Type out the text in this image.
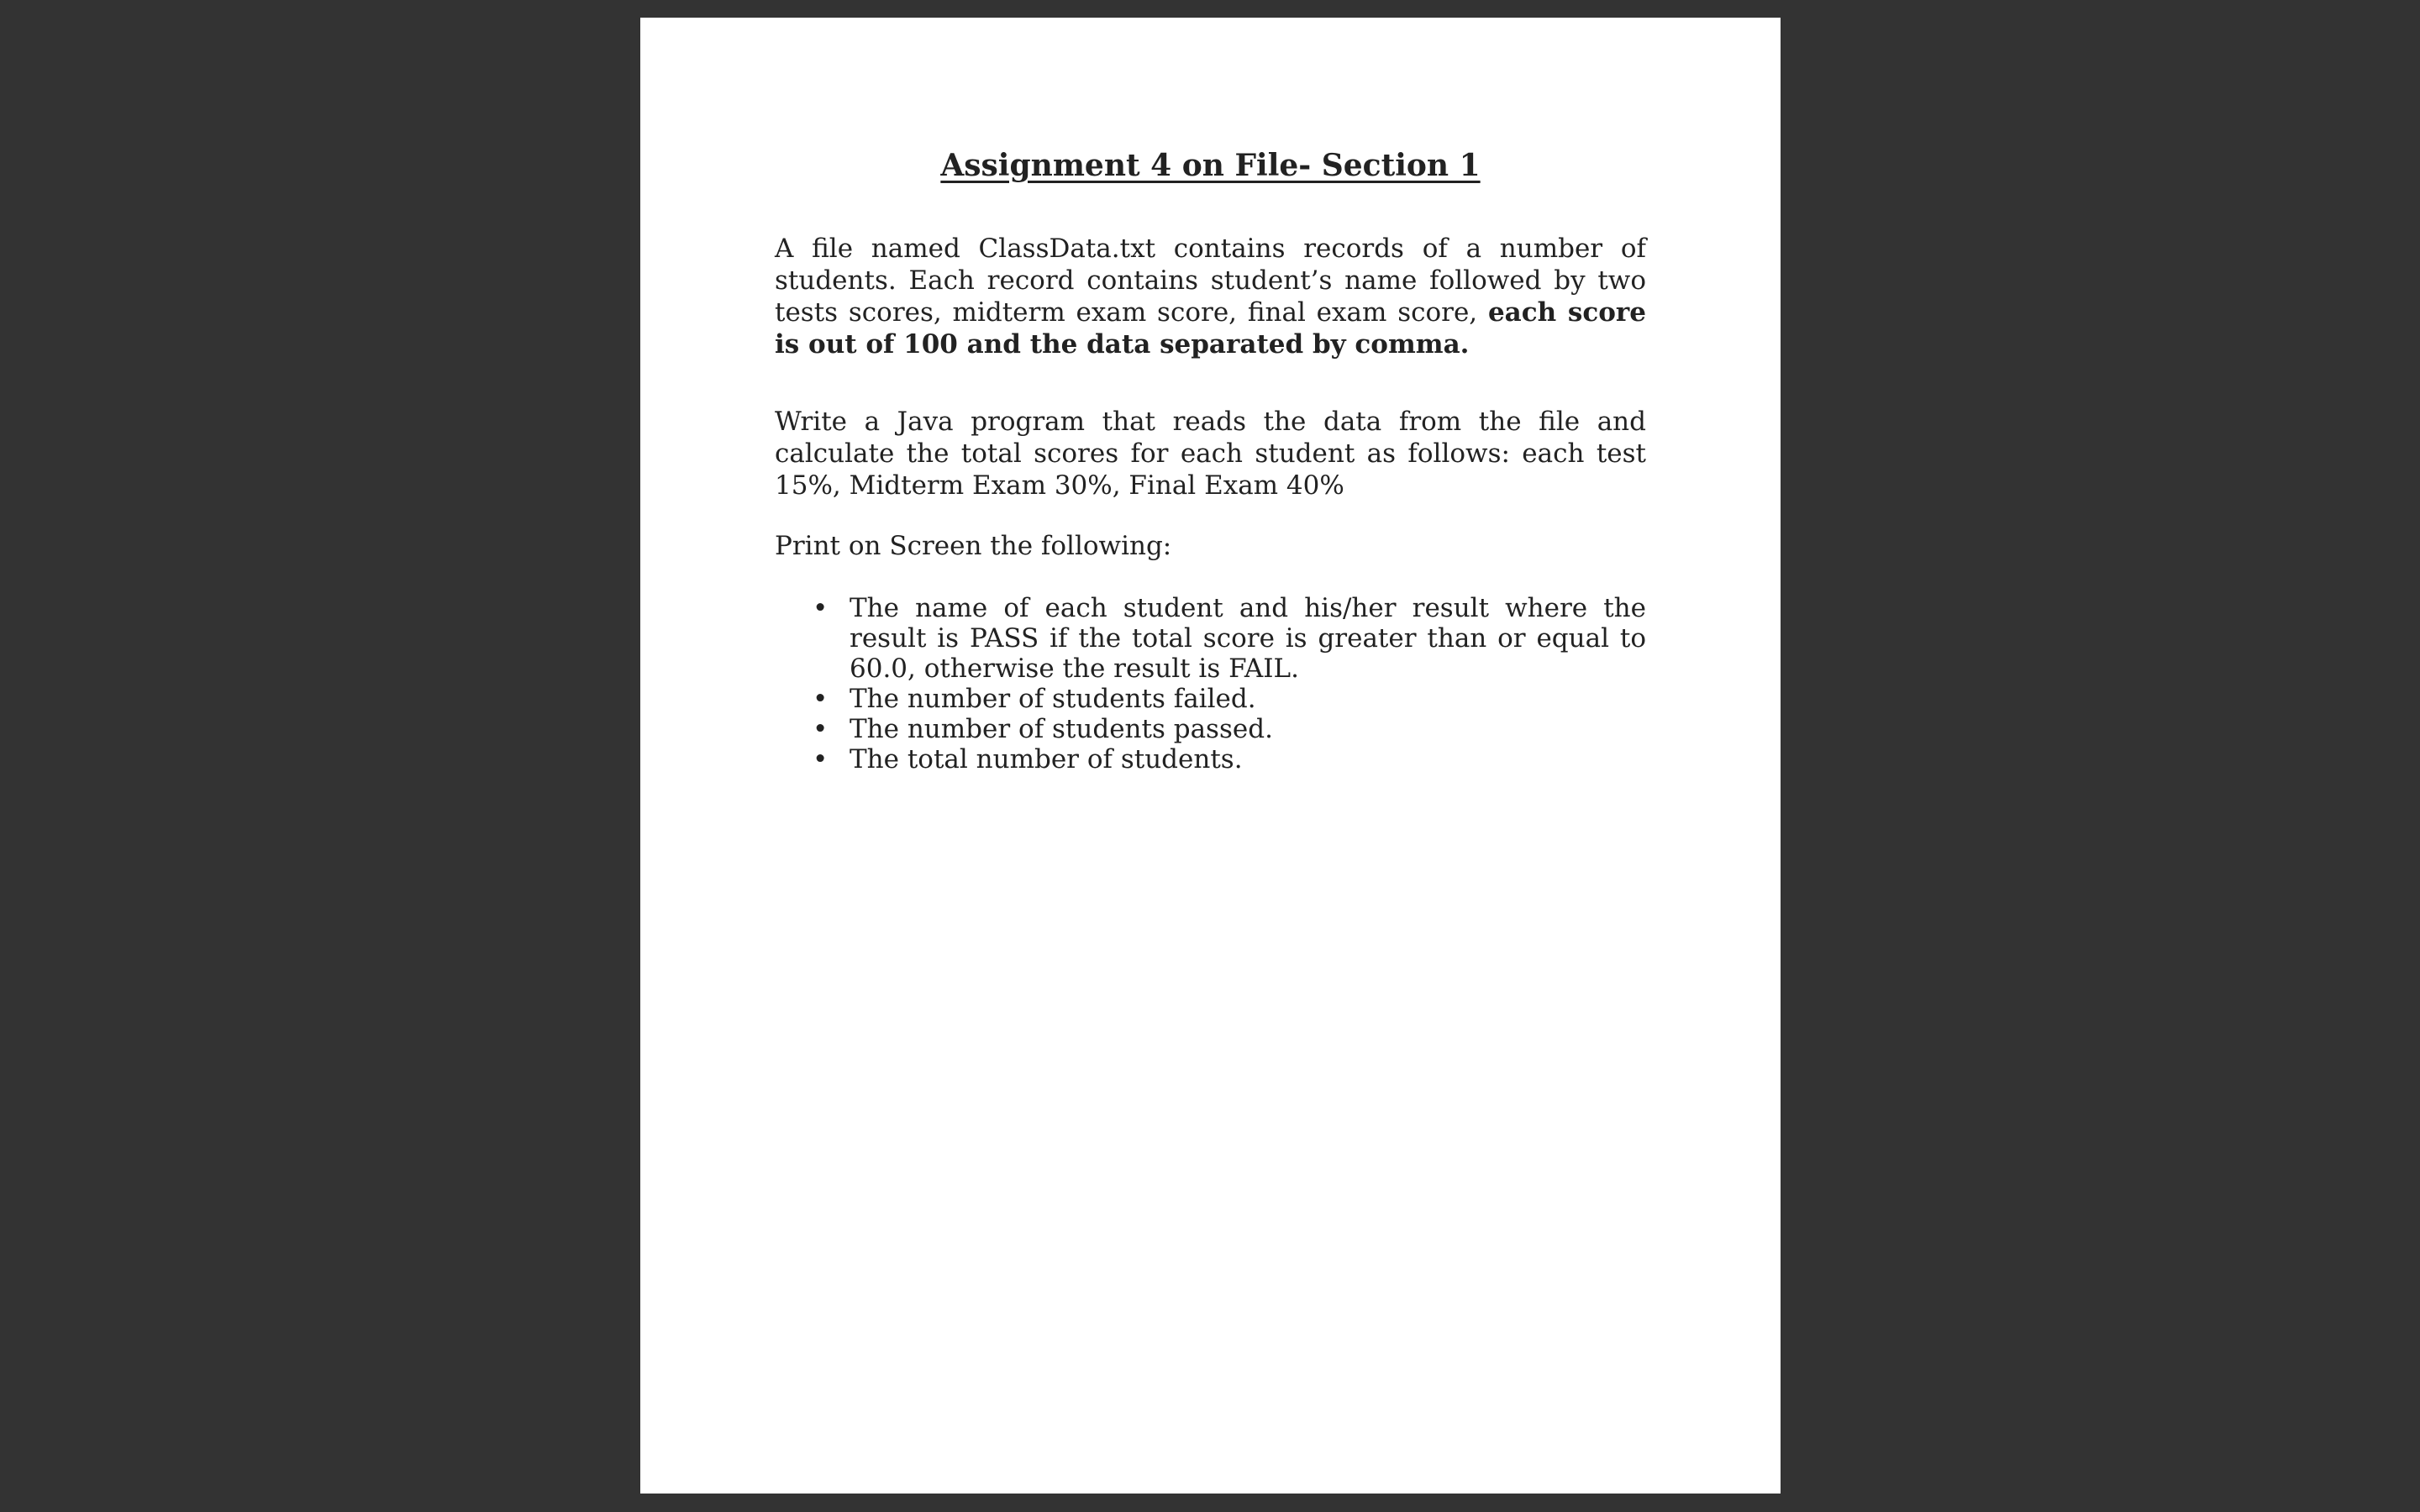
Assignment 4 on File- Section 1

A file named ClassData.txt contains records of a number of students. Each record contains student’s name followed by two tests scores, midterm exam score, final exam score, each score is out of 100 and the data separated by comma.

Write a Java program that reads the data from the file and calculate the total scores for each student as follows: each test 15%, Midterm Exam 30%, Final Exam 40%

Print on Screen the following:

• The name of each student and his/her result where the result is PASS if the total score is greater than or equal to 60.0, otherwise the result is FAIL.
• The number of students failed.
• The number of students passed.
• The total number of students.
